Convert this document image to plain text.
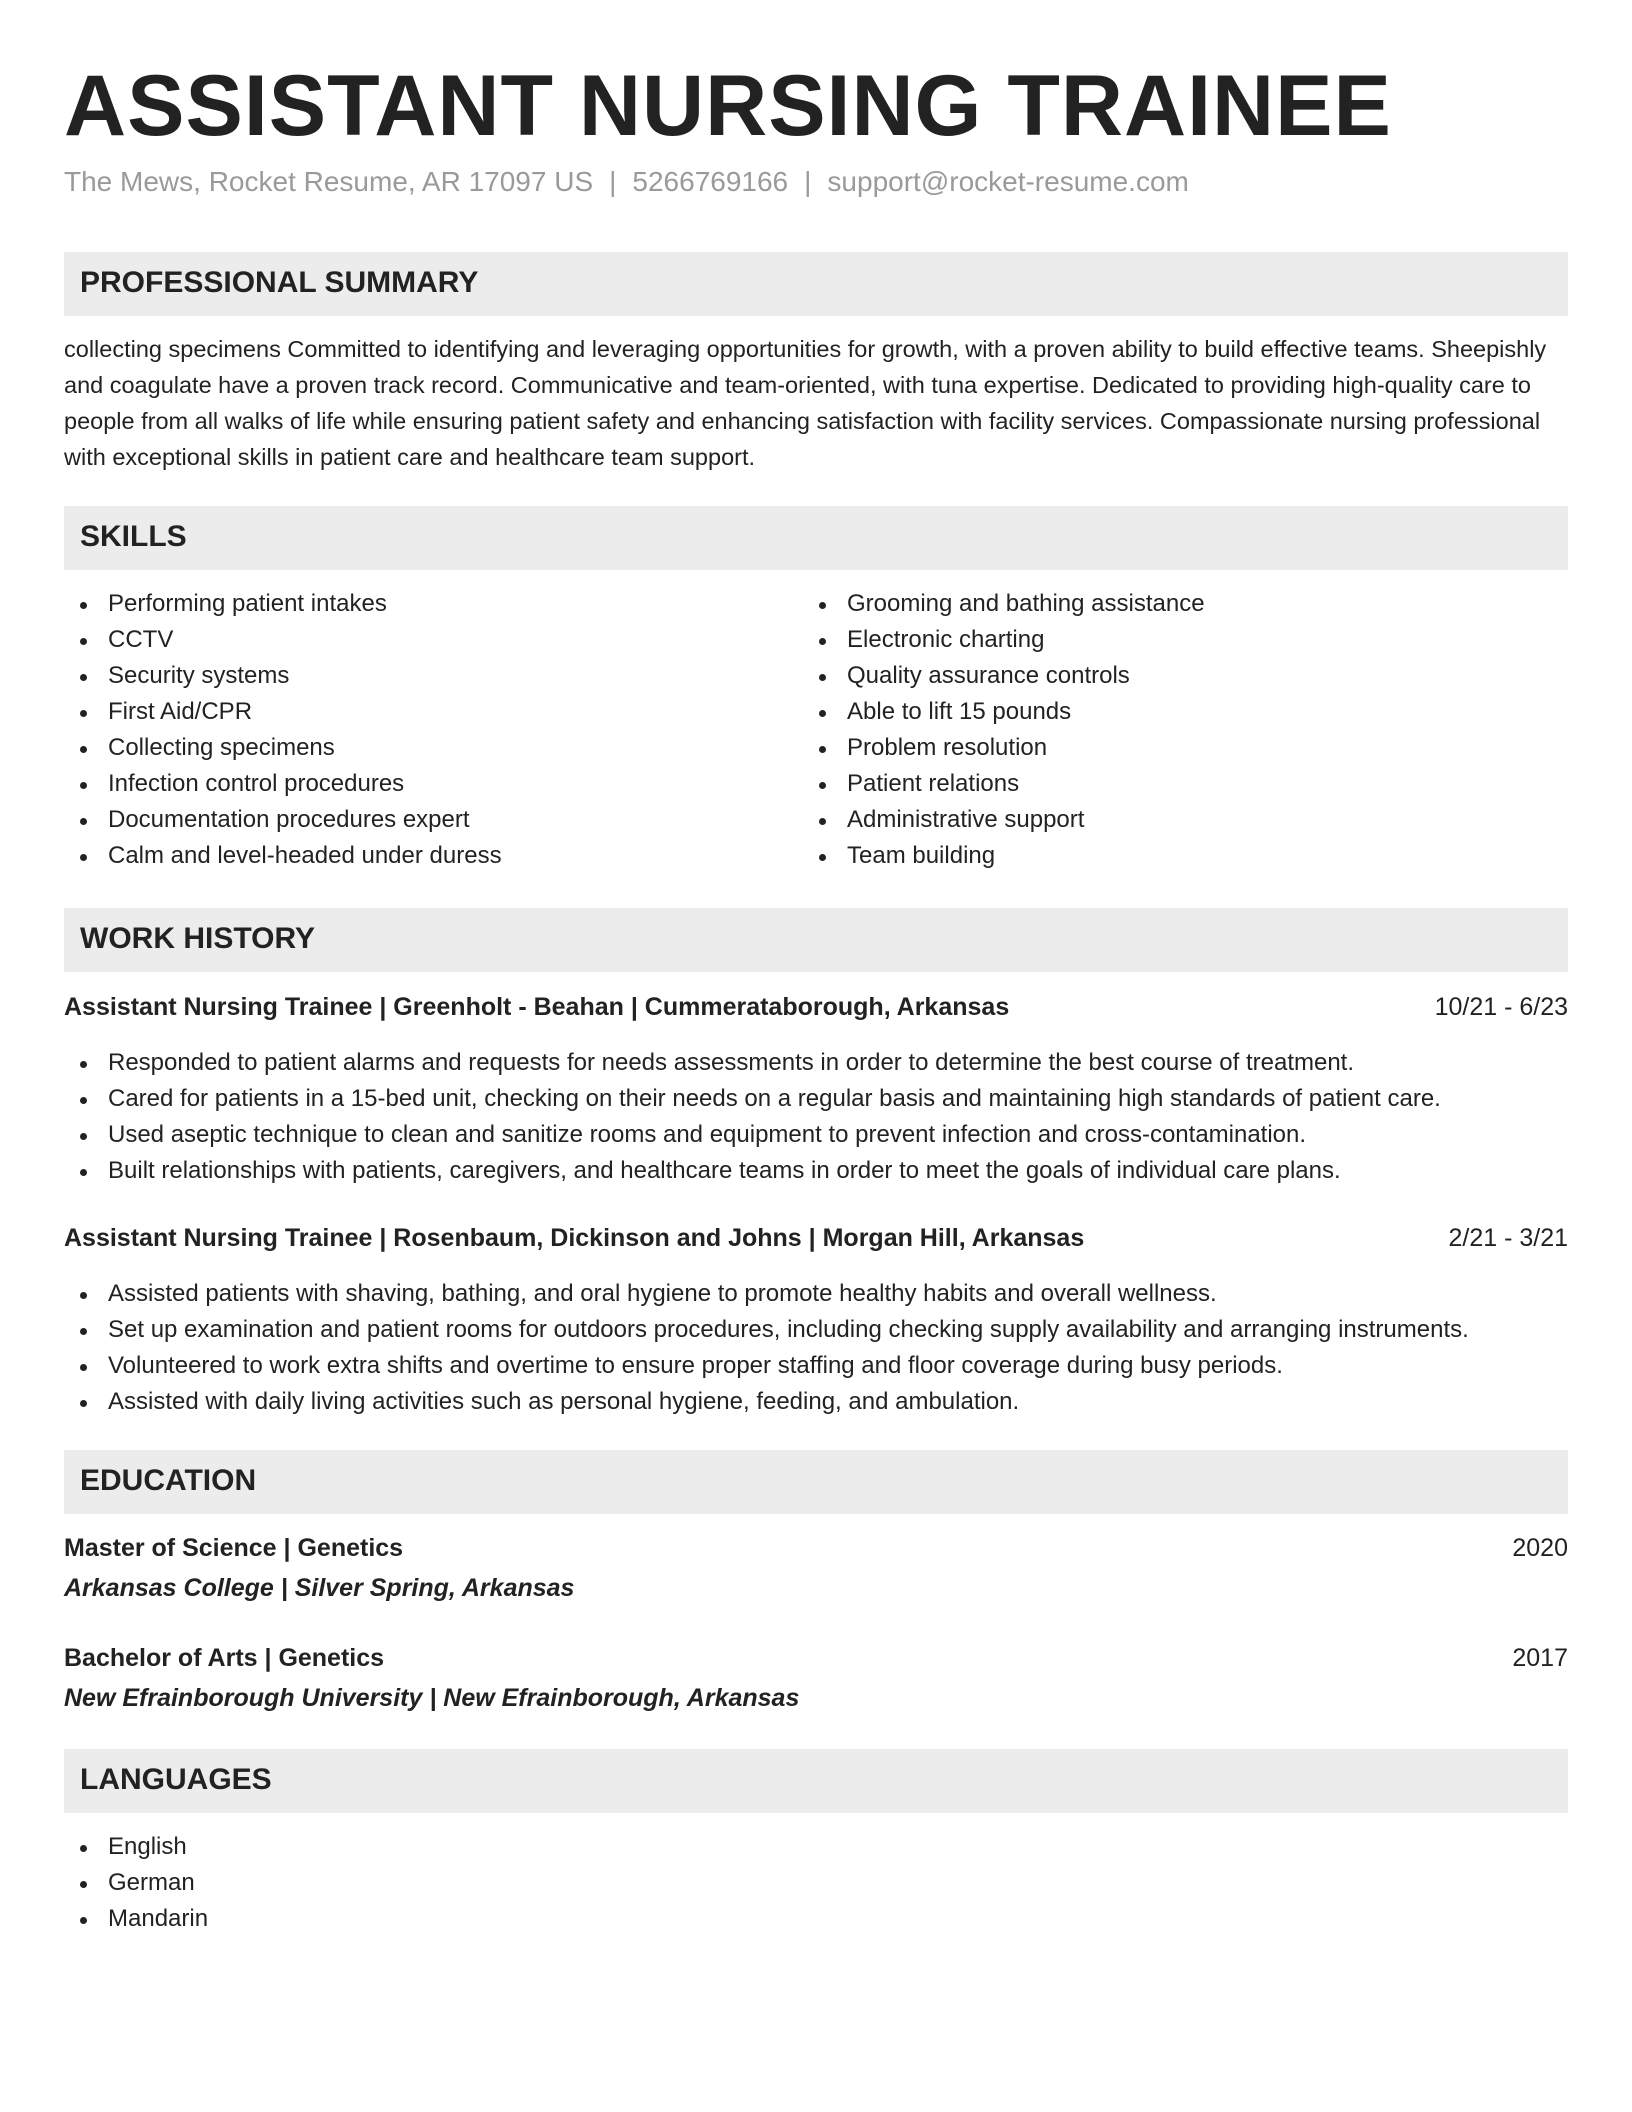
ASSISTANT NURSING TRAINEE
The Mews, Rocket Resume, AR 17097 US | 5266769166 | support@rocket-resume.com
PROFESSIONAL SUMMARY

collecting specimens Committed to identifying and leveraging opportunities for growth, with a proven ability to build effective teams. Sheepishly and coagulate have a proven track record. Communicative and team-oriented, with tuna expertise. Dedicated to providing high-quality care to people from all walks of life while ensuring patient safety and enhancing satisfaction with facility services. Compassionate nursing professional with exceptional skills in patient care and healthcare team support.

SKILLS
Performing patient intakes
CCTV
Security systems
First Aid/CPR
Collecting specimens
Infection control procedures
Documentation procedures expert
Calm and level-headed under duress
Grooming and bathing assistance
Electronic charting
Quality assurance controls
Able to lift 15 pounds
Problem resolution
Patient relations
Administrative support
Team building
WORK HISTORY
Assistant Nursing Trainee | Greenholt - Beahan | Cummerataborough, Arkansas	10/21 - 6/23
Responded to patient alarms and requests for needs assessments in order to determine the best course of treatment.
Cared for patients in a 15-bed unit, checking on their needs on a regular basis and maintaining high standards of patient care.
Used aseptic technique to clean and sanitize rooms and equipment to prevent infection and cross-contamination.
Built relationships with patients, caregivers, and healthcare teams in order to meet the goals of individual care plans.
Assistant Nursing Trainee | Rosenbaum, Dickinson and Johns | Morgan Hill, Arkansas	2/21 - 3/21
Assisted patients with shaving, bathing, and oral hygiene to promote healthy habits and overall wellness.
Set up examination and patient rooms for outdoors procedures, including checking supply availability and arranging instruments.
Volunteered to work extra shifts and overtime to ensure proper staffing and floor coverage during busy periods.
Assisted with daily living activities such as personal hygiene, feeding, and ambulation.
EDUCATION
Master of Science | Genetics	2020
Arkansas College | Silver Spring, Arkansas
Bachelor of Arts | Genetics	2017
New Efrainborough University | New Efrainborough, Arkansas
LANGUAGES
English
German
Mandarin
